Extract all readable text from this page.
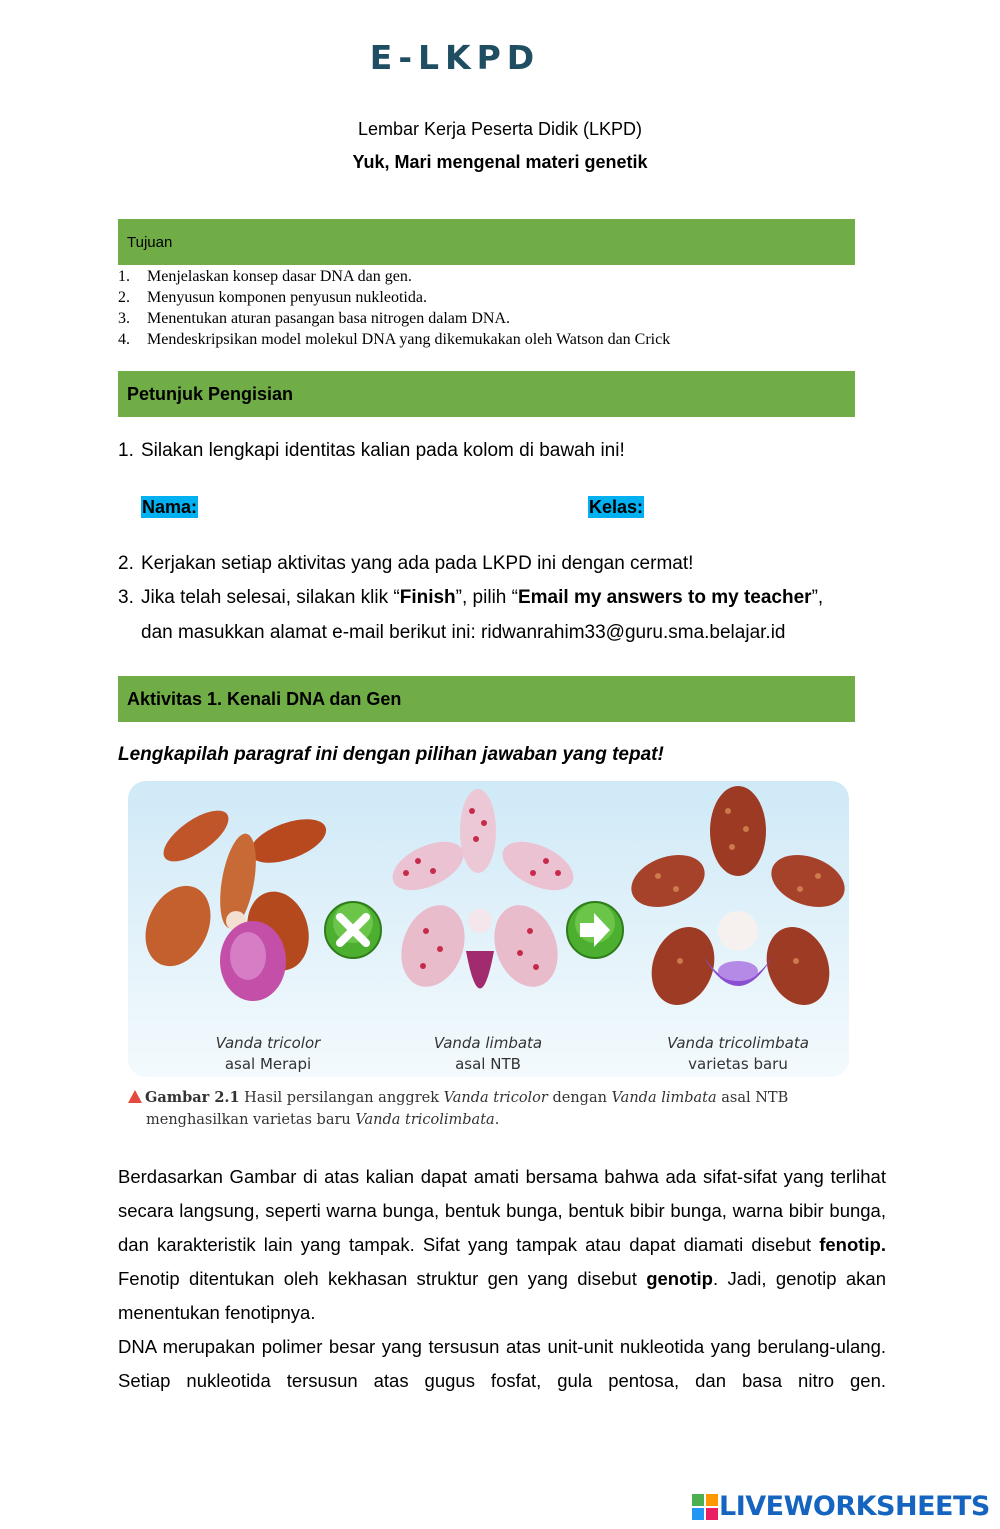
E-LKPD
Lembar Kerja Peserta Didik (LKPD)
Yuk, Mari mengenal materi genetik
Tujuan
1.	Menjelaskan konsep dasar DNA dan gen.
2.	Menyusun komponen penyusun nukleotida.
3.	Menentukan aturan pasangan basa nitrogen dalam DNA.
4.	Mendeskripsikan model molekul DNA yang dikemukakan oleh Watson dan Crick
Petunjuk Pengisian
1. Silakan lengkapi identitas kalian pada kolom di bawah ini!
Nama:	Kelas:
2. Kerjakan setiap aktivitas yang ada pada LKPD ini dengan cermat!
3. Jika telah selesai, silakan klik “Finish”, pilih “Email my answers to my teacher”,
dan masukkan alamat e-mail berikut ini: ridwanrahim33@guru.sma.belajar.id
Aktivitas 1. Kenali DNA dan Gen
Lengkapilah paragraf ini dengan pilihan jawaban yang tepat!
Vanda tricolor
asal Merapi
Vanda limbata
asal NTB
Vanda tricolimbata
varietas baru
Gambar 2.1 Hasil persilangan anggrek Vanda tricolor dengan Vanda limbata asal NTB
menghasilkan varietas baru Vanda tricolimbata.

Berdasarkan Gambar di atas kalian dapat amati bersama bahwa ada sifat-sifat yang terlihat secara langsung, seperti warna bunga, bentuk bunga, bentuk bibir bunga, warna bibir bunga, dan karakteristik lain yang tampak. Sifat yang tampak atau dapat diamati disebut fenotip. Fenotip ditentukan oleh kekhasan struktur gen yang disebut genotip. Jadi, genotip akan menentukan fenotipnya.

DNA merupakan polimer besar yang tersusun atas unit-unit nukleotida yang berulang-ulang. Setiap nukleotida tersusun atas gugus fosfat, gula pentosa, dan basa nitro gen.

LIVEWORKSHEETS
